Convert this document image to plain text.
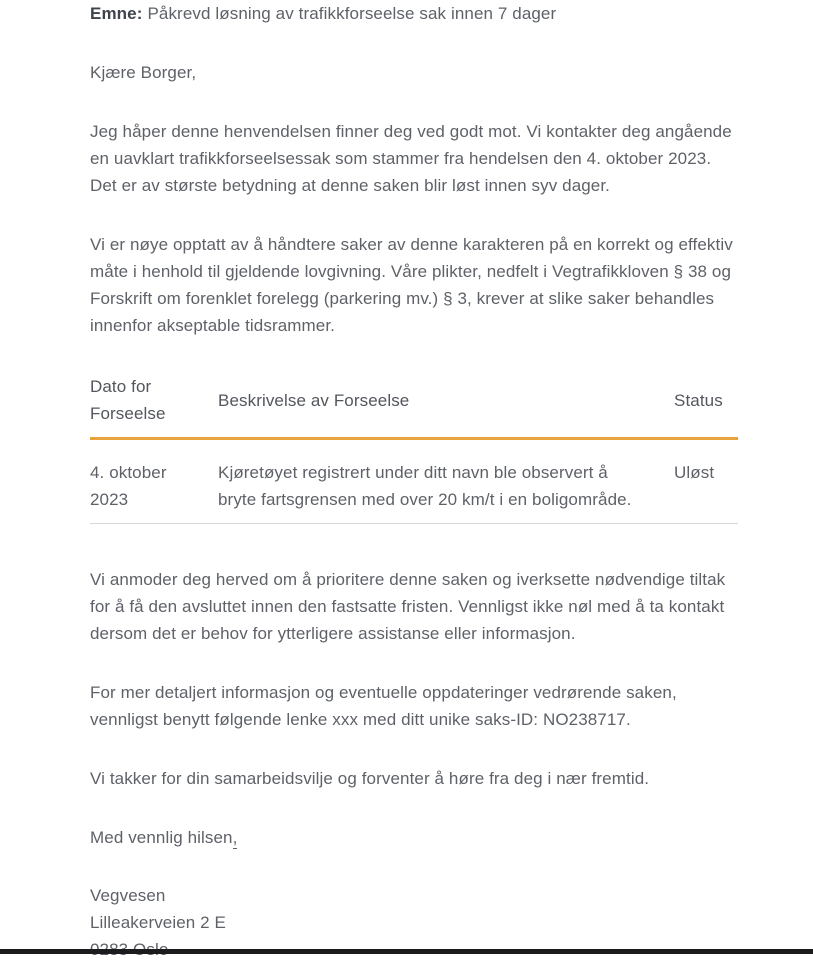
Emne: Påkrevd løsning av trafikkforseelse sak innen 7 dager

Kjære Borger,

Jeg håper denne henvendelsen finner deg ved godt mot. Vi kontakter deg angående en uavklart trafikkforseelsessak som stammer fra hendelsen den 4. oktober 2023. Det er av største betydning at denne saken blir løst innen syv dager.

Vi er nøye opptatt av å håndtere saker av denne karakteren på en korrekt og effektiv måte i henhold til gjeldende lovgivning. Våre plikter, nedfelt i Vegtrafikkloven § 38 og Forskrift om forenklet forelegg (parkering mv.) § 3, krever at slike saker behandles innenfor akseptable tidsrammer.

Dato for Forseelse
Beskrivelse av Forseelse	Status
4. oktober 2023
Kjøretøyet registrert under ditt navn ble observert å bryte fartsgrensen med over 20 km/t i en boligområde.
Uløst

Vi anmoder deg herved om å prioritere denne saken og iverksette nødvendige tiltak for å få den avsluttet innen den fastsatte fristen. Vennligst ikke nøl med å ta kontakt dersom det er behov for ytterligere assistanse eller informasjon.

For mer detaljert informasjon og eventuelle oppdateringer vedrørende saken, vennligst benytt følgende lenke xxx med ditt unike saks-ID: NO238717.

Vi takker for din samarbeidsvilje og forventer å høre fra deg i nær fremtid.

Med vennlig hilsen,

Vegvesen
Lilleakerveien 2 E
